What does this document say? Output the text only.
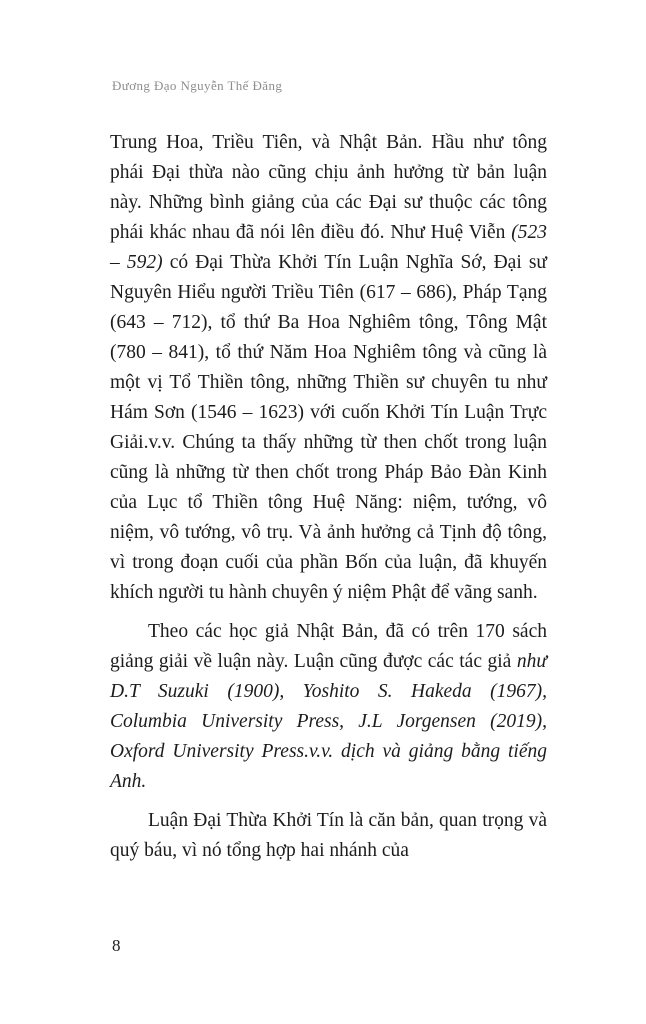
Đương Đạo Nguyễn Thế Đăng

Trung Hoa, Triều Tiên, và Nhật Bản. Hầu như tông phái Đại thừa nào cũng chịu ảnh hưởng từ bản luận này. Những bình giảng của các Đại sư thuộc các tông phái khác nhau đã nói lên điều đó. Như Huệ Viễn (523 – 592) có Đại Thừa Khởi Tín Luận Nghĩa Sớ, Đại sư Nguyên Hiểu người Triều Tiên (617 – 686), Pháp Tạng (643 – 712), tổ thứ Ba Hoa Nghiêm tông, Tông Mật (780 – 841), tổ thứ Năm Hoa Nghiêm tông và cũng là một vị Tổ Thiền tông, những Thiền sư chuyên tu như Hám Sơn (1546 – 1623) với cuốn Khởi Tín Luận Trực Giải.v.v. Chúng ta thấy những từ then chốt trong luận cũng là những từ then chốt trong Pháp Bảo Đàn Kinh của Lục tổ Thiền tông Huệ Năng: niệm, tướng, vô niệm, vô tướng, vô trụ. Và ảnh hưởng cả Tịnh độ tông, vì trong đoạn cuối của phần Bốn của luận, đã khuyến khích người tu hành chuyên ý niệm Phật để vãng sanh.

Theo các học giả Nhật Bản, đã có trên 170 sách giảng giải về luận này. Luận cũng được các tác giả như D.T Suzuki (1900), Yoshito S. Hakeda (1967), Columbia University Press, J.L Jorgensen (2019), Oxford University Press.v.v. dịch và giảng bằng tiếng Anh.

Luận Đại Thừa Khởi Tín là căn bản, quan trọng và quý báu, vì nó tổng hợp hai nhánh của

8
